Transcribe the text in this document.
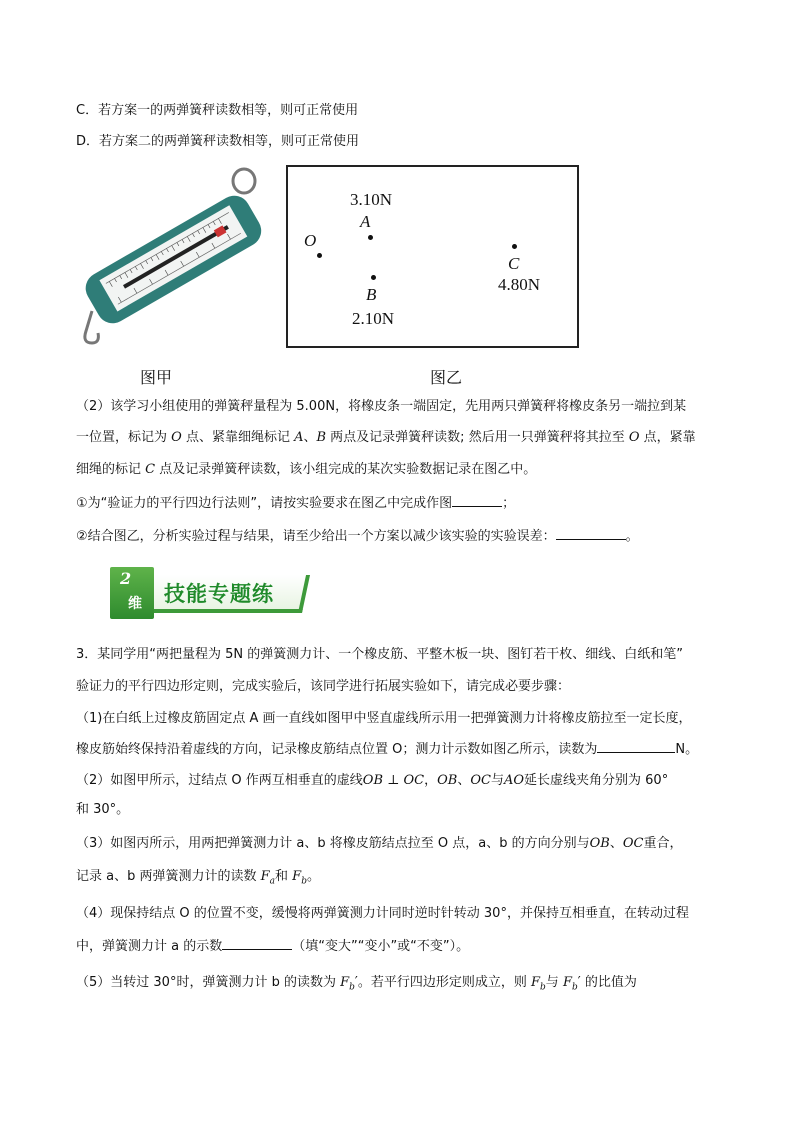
C．若方案一的两弹簧秤读数相等，则可正常使用
D．若方案二的两弹簧秤读数相等，则可正常使用
3.10N
A
O
B
2.10N
C
4.80N
图甲	图乙
（2）该学习小组使用的弹簧秤量程为 5.00N，将橡皮条一端固定，先用两只弹簧秤将橡皮条另一端拉到某
一位置，标记为 O 点、紧靠细绳标记 A、B 两点及记录弹簧秤读数; 然后用一只弹簧秤将其拉至 O 点，紧靠
细绳的标记 C 点及记录弹簧秤读数，该小组完成的某次实验数据记录在图乙中。
①为“验证力的平行四边行法则”，请按实验要求在图乙中完成作图	；
②结合图乙，分析实验过程与结果，请至少给出一个方案以减少该实验的实验误差：	。
2
维 技能专题练
3．某同学用“两把量程为 5N 的弹簧测力计、一个橡皮筋、平整木板一块、图钉若干枚、细线、白纸和笔”
验证力的平行四边形定则，完成实验后，该同学进行拓展实验如下，请完成必要步骤：
（1)在白纸上过橡皮筋固定点 A 画一直线如图甲中竖直虚线所示用一把弹簧测力计将橡皮筋拉至一定长度，
橡皮筋始终保持沿着虚线的方向，记录橡皮筋结点位置 O；测力计示数如图乙所示，读数为	N。
（2）如图甲所示，过结点 O 作两互相垂直的虚线OB ⊥ OC，OB、OC与AO延长虚线夹角分别为 60°
和 30°。
（3）如图丙所示，用两把弹簧测力计 a、b 将橡皮筋结点拉至 O 点，a、b 的方向分别与OB、OC重合，
记录 a、b 两弹簧测力计的读数 $F_a$和 $F_b$。
（4）现保持结点 O 的位置不变，缓慢将两弹簧测力计同时逆时针转动 30°，并保持互相垂直，在转动过程
中，弹簧测力计 a 的示数	（填“变大”“变小”或“不变”）。
（5）当转过 30°时，弹簧测力计 b 的读数为 $F_b'$。若平行四边形定则成立，则 $F_b$与 $F_b'$ 的比值为
